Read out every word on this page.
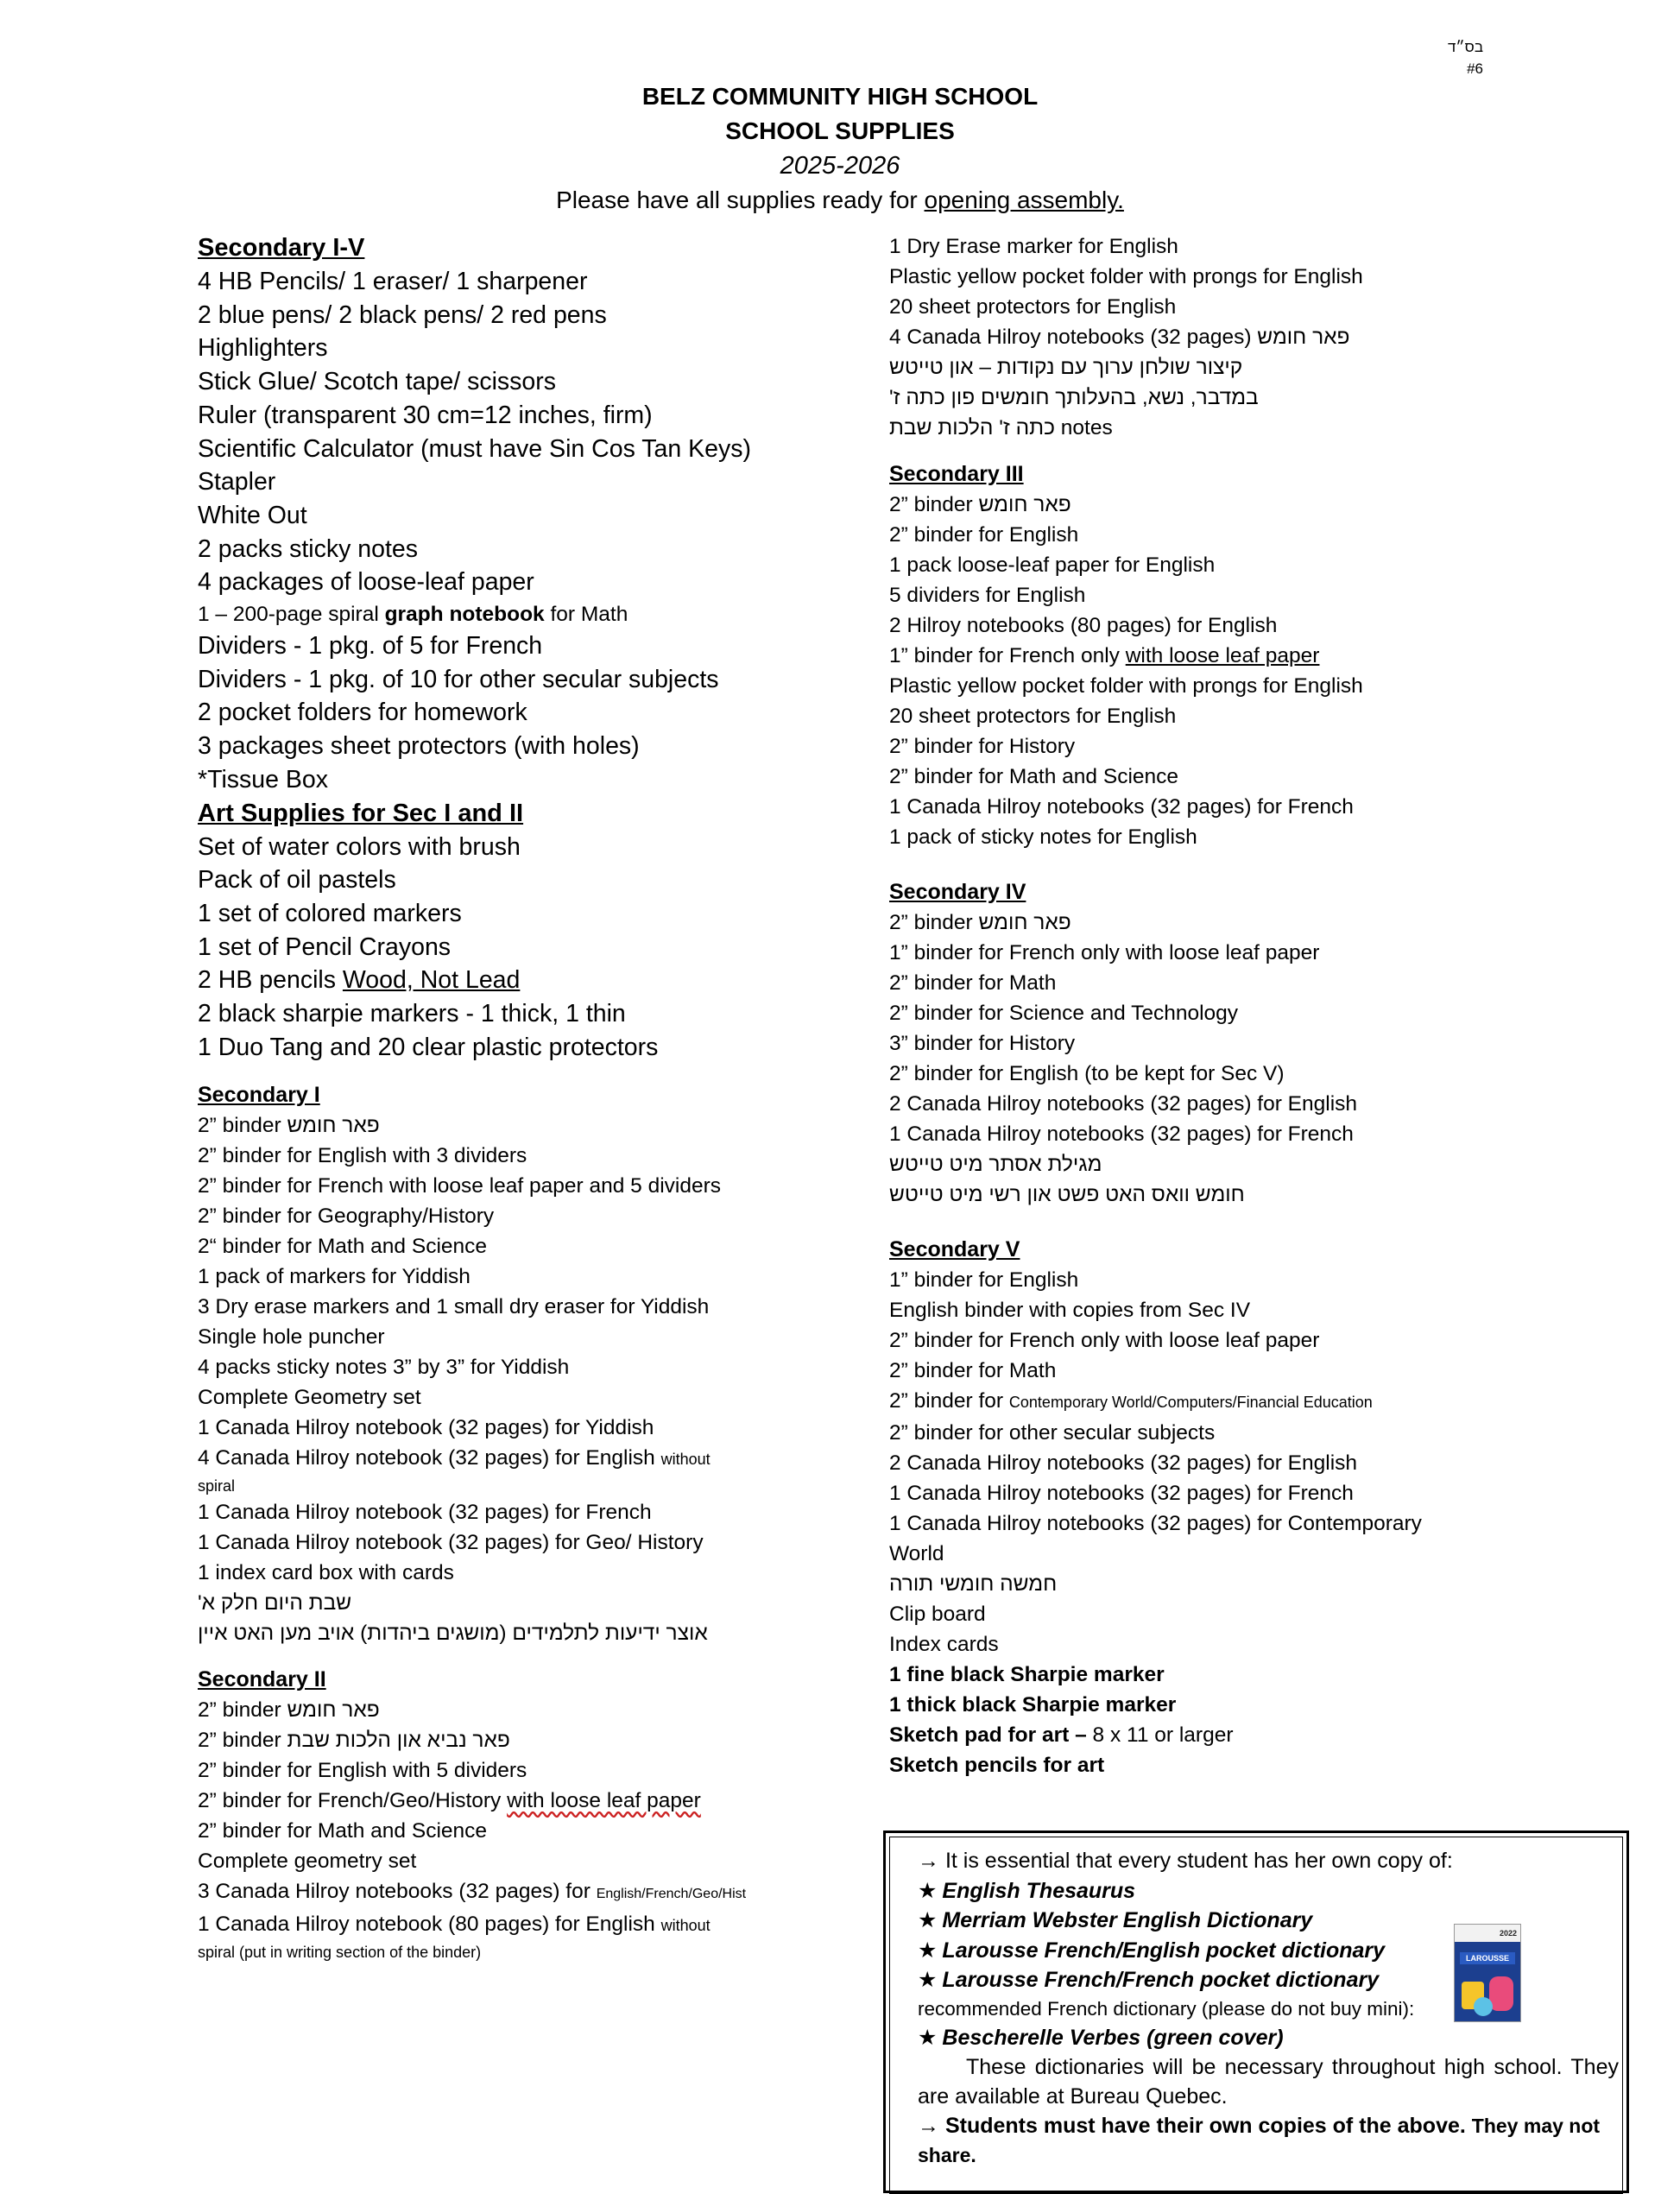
בס״ד
#6
BELZ COMMUNITY HIGH SCHOOL
SCHOOL SUPPLIES
2025-2026
Please have all supplies ready for opening assembly.
Secondary I-V
4 HB Pencils/ 1 eraser/ 1 sharpener
2 blue pens/ 2 black pens/ 2 red pens
Highlighters
Stick Glue/ Scotch tape/ scissors
Ruler (transparent 30 cm=12 inches, firm)
Scientific Calculator (must have Sin Cos Tan Keys)
Stapler
White Out
2 packs sticky notes
4 packages of loose-leaf paper
1 – 200-page spiral graph notebook for Math
Dividers - 1 pkg. of 5 for French
Dividers - 1 pkg. of 10 for other secular subjects
2 pocket folders for homework
3 packages sheet protectors (with holes)
*Tissue Box
Art Supplies for Sec I and II
Set of water colors with brush
Pack of oil pastels
1 set of colored markers
1 set of Pencil Crayons
2 HB pencils Wood, Not Lead
2 black sharpie markers - 1 thick, 1 thin
1 Duo Tang and 20 clear plastic protectors
Secondary I
2” binder פאר חומש
2” binder for English with 3 dividers
2” binder for French with loose leaf paper and 5 dividers
2” binder for Geography/History
2“ binder for Math and Science
1 pack of markers for Yiddish
3 Dry erase markers and 1 small dry eraser for Yiddish
Single hole puncher
4 packs sticky notes 3” by 3” for Yiddish
Complete Geometry set
1 Canada Hilroy notebook (32 pages) for Yiddish
4 Canada Hilroy notebook (32 pages) for English without
spiral
1 Canada Hilroy notebook (32 pages) for French
1 Canada Hilroy notebook (32 pages) for Geo/ History
1 index card box with cards
שבת היום חלק א'
אוצר ידיעות לתלמידים (מושגים ביהדות) אויב מען האט איין
Secondary II
2” binder פאר חומש
2” binder פאר נביא און הלכות שבת
2” binder for English with 5 dividers
2” binder for French/Geo/History with loose leaf paper
2” binder for Math and Science
Complete geometry set
3 Canada Hilroy notebooks (32 pages) for English/French/Geo/Hist
1 Canada Hilroy notebook (80 pages) for English without
spiral (put in writing section of the binder)
1 Dry Erase marker for English
Plastic yellow pocket folder with prongs for English
20 sheet protectors for English
4 Canada Hilroy notebooks (32 pages) פאר חומש
קיצור שולחן ערוך עם נקודות – און טייטש
במדבר, נשא, בהעלותך חומשים פון כתה ז'
כתה ז' הלכות שבת notes
Secondary III
2” binder פאר חומש
2” binder for English
1 pack loose-leaf paper for English
5 dividers for English
2 Hilroy notebooks (80 pages) for English
1” binder for French only with loose leaf paper
Plastic yellow pocket folder with prongs for English
20 sheet protectors for English
2” binder for History
2” binder for Math and Science
1 Canada Hilroy notebooks (32 pages) for French
1 pack of sticky notes for English
Secondary IV
2” binder פאר חומש
1” binder for French only with loose leaf paper
2” binder for Math
2” binder for Science and Technology
3” binder for History
2” binder for English (to be kept for Sec V)
2 Canada Hilroy notebooks (32 pages) for English
1 Canada Hilroy notebooks (32 pages) for French
מגילת אסתר מיט טייטש
חומש וואס האט פשט און רשי מיט טייטש
Secondary V
1” binder for English
English binder with copies from Sec IV
2” binder for French only with loose leaf paper
2” binder for Math
2” binder for Contemporary World/Computers/Financial Education
2” binder for other secular subjects
2 Canada Hilroy notebooks (32 pages) for English
1 Canada Hilroy notebooks (32 pages) for French
1 Canada Hilroy notebooks (32 pages) for Contemporary
World
חמשה חומשי תורה
Clip board
Index cards
1 fine black Sharpie marker
1 thick black Sharpie marker
Sketch pad for art – 8 x 11 or larger
Sketch pencils for art
→ It is essential that every student has her own copy of:
★ English Thesaurus
★ Merriam Webster English Dictionary
★ Larousse French/English pocket dictionary
★ Larousse French/French pocket dictionary
recommended French dictionary (please do not buy mini):
★ Bescherelle Verbes (green cover)
These dictionaries will be necessary throughout high school. They are available at Bureau Quebec.
→ Students must have their own copies of the above. They may not share.
2022
LAROUSSE
